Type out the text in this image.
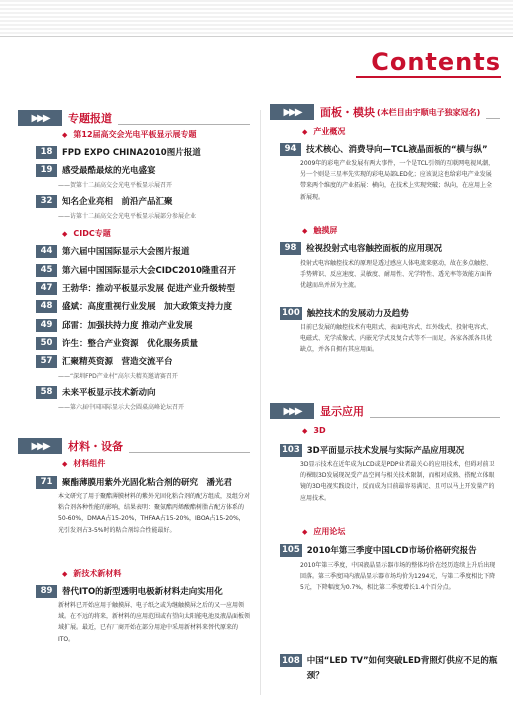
Contents
▶▶▶	专题报道
◆ 第12届高交会光电平板显示展专题
18	FPD EXPO CHINA2010图片报道
19	感受最酷最炫的光电盛宴
——贺第十二届高交会光电平板显示展召开
32	知名企业亮相　前沿产品汇聚
——访第十二届高交会光电平板显示展部分参展企业
◆ CIDC专题
44	第六届中国国际显示大会图片报道
45	第六届中国国际显示大会CIDC2010隆重召开
47	王勃华：推动平板显示发展 促进产业升级转型
48	盛斌：高度重视行业发展　加大政策支持力度
49	邱雷：加强扶持力度 推动产业发展
50	许生：整合产业资源　优化服务质量
57	汇聚精英资源　营造交流平台
——“深圳FPD产业村”高尔夫精英邀请赛召开
58	未来平板显示技术新动向
——第六届中国国际显示大会圆桌高峰论坛召开
▶▶▶	材料・设备
◆ 材料组件
71	聚酯薄膜用紫外光固化粘合剂的研究　潘光君
本文研究了用于聚酯薄膜材料的紫外光固化粘合剂的配方组成，及组分对粘合剂各种性能的影响，结果表明：聚氨酯丙烯酸酯树脂占配方体系的50-60%，DMAA占15-20%，THFAA占15-20%，IBOA占15-20%，光引发剂占3-5%时的粘合剂综合性能最好。
◆ 新技术新材料
89	替代ITO的新型透明电极新材料走向实用化
新材料已开始应用于触摸屏、电子纸之或为继触摸屏之后的又一应用领域。在不远的将来，新材料的应用范围或有望向太阳能电池及液晶面板领域扩展。最近，已有厂商开始在部分用途中采用新材料来替代原来的ITO。
▶▶▶	面板・模块 (本栏目由宇顺电子独家冠名)
◆ 产业概况
94	技术核心、消费导向—TCL液晶面板的“横与纵”
2009年的彩电产业发展有两大事件，一个是TCL引领的互联网电视风潮，另一个则是三星率先实现的彩电局部LED化；应该说这也给彩电产业发展带来两个维度的产业拓展：横向，在技术上实现突破；纵向，在应用上全新展现。
◆ 触摸屏
98	检视投射式电容触控面板的应用现况
投射式电容触控技术的原理是透过感应人体电流来驱动，故在多点触控、手势辨识、反应速度、灵敏度、耐用性、光学特性、透光率等效能方面皆优越而出并居为主流。
100 触控技术的发展动力及趋势
目前已发展的触控技术有电阻式、表面电容式、红外线式、投射电容式、电磁式、光学成像式、内嵌光学式及复合式等不一而足，各家各派各具优缺点，并各自拥有其应用面。
▶▶▶	显示应用
◆ 3D
103 3D平面显示技术发展与实际产品应用现况
3D显示技术在近年成为LCD或是PDP业者最关心的应用技术，但碍对前卫的裸眼3D发展现况受产品空间与相关技术限制，而相对成熟、搭配立体眼镜的3D电视实践设计，反而成为目前最容易满足、且可以马上开发量产的应用技术。
◆ 应用论坛
105 2010年第三季度中国LCD市场价格研究报告
2010年第三季度，中国液晶显示器市场的整体均价在经历连续上升后出现回落。第三季度国内液晶显示器市场均价为1294元，与第二季度相比下降5元，下降幅度为0.7%，相比第二季度增长1.4个百分点。
108 中国“LED TV”如何突破LED背照灯供应不足的瓶颈？
